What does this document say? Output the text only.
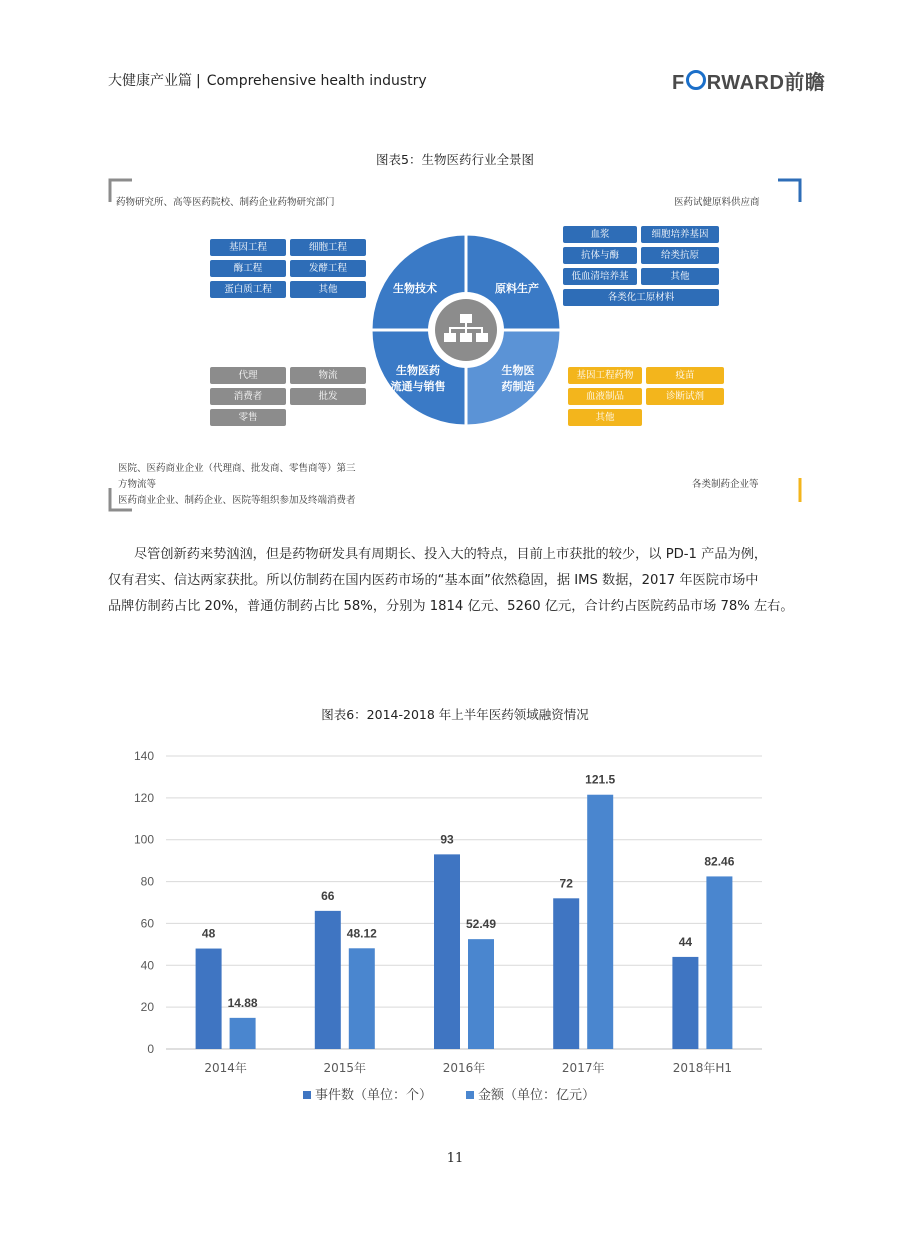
大健康产业篇 | Comprehensive health industry	F RWARD前瞻
图表5：生物医药行业全景图
药物研究所、高等医药院校、制药企业药物研究部门	医药试健原料供应商
医院、医药商业企业（代理商、批发商、零售商等）第三
方物流等
医药商业企业、制药企业、医院等组织参加及终端消费者
各类制药企业等
基因工程	细胞工程
酶工程	发酵工程
蛋白质工程	其他
血浆	细胞培养基因
抗体与酶	给类抗原
低血清培养基	其他
各类化工原材料
代理	物流
消费者	批发
零售
基因工程药物	疫苗
血液制品	诊断试剂
其他
生物技术	原料生产
生物医药
流通与销售
生物医
药制造
尽管创新药来势汹汹，但是药物研发具有周期长、投入大的特点，目前上市获批的较少，以 PD-1 产品为例，
仅有君实、信达两家获批。所以仿制药在国内医药市场的“基本面”依然稳固，据 IMS 数据，2017 年医院市场中
品牌仿制药占比 20%，普通仿制药占比 58%，分别为 1814 亿元、5260 亿元，合计约占医院药品市场 78% 左右。
图表6：2014-2018 年上半年医药领域融资情况
0
20
40
60
80
100
120
140
48
14.88
2014年
66
48.12
2015年
93
52.49
2016年
72
121.5
2017年
44
82.46
2018年H1
事件数（单位：个）	金额（单位：亿元）
11
